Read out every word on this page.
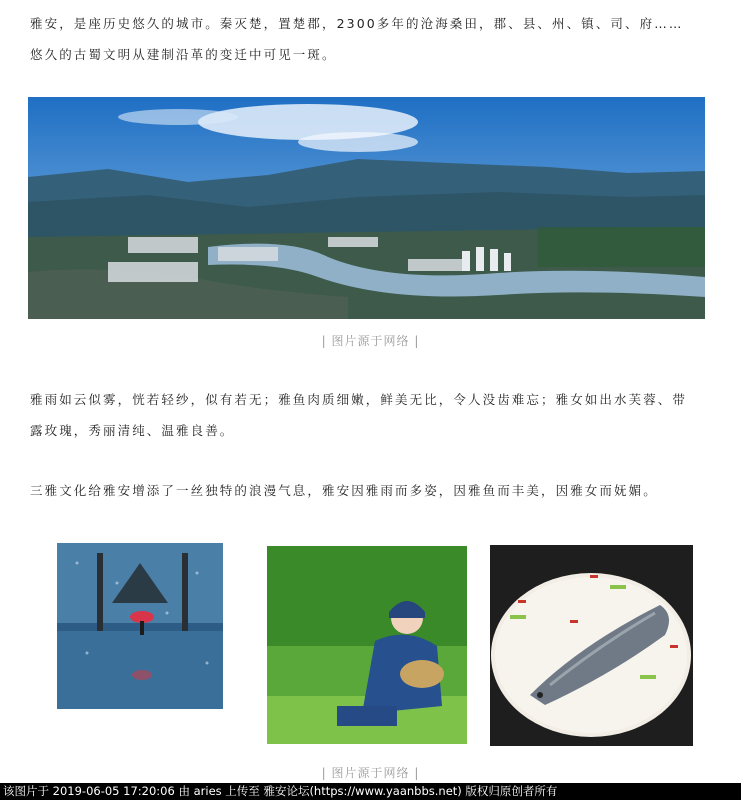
雅安，是座历史悠久的城市。秦灭楚，置楚郡，2300多年的沧海桑田，郡、县、州、镇、司、府……
悠久的古蜀文明从建制沿革的变迁中可见一斑。

| 图片源于网络 |

雅雨如云似雾，恍若轻纱，似有若无；雅鱼肉质细嫩，鲜美无比，令人没齿难忘；雅女如出水芙蓉、带
露玫瑰，秀丽清纯、温雅良善。

三雅文化给雅安增添了一丝独特的浪漫气息，雅安因雅雨而多姿，因雅鱼而丰美，因雅女而妩媚。

| 图片源于网络 |

该图片于 2019-06-05 17:20:06 由 aries 上传至 雅安论坛(https://www.yaanbbs.net) 版权归原创者所有
